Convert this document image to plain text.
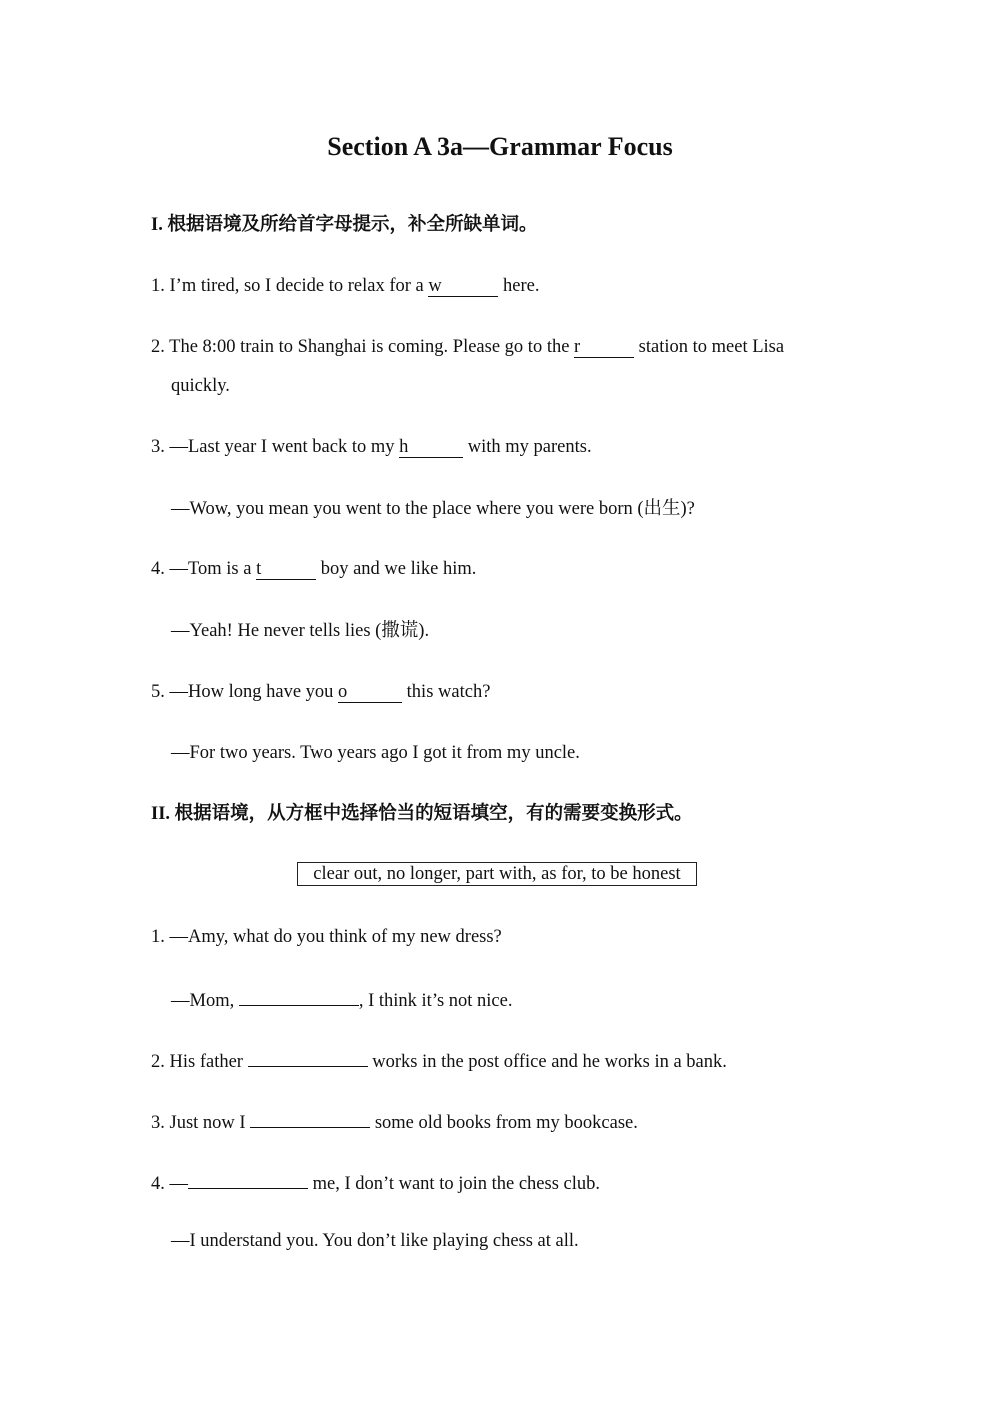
Section A 3a—Grammar Focus
I. 根据语境及所给首字母提示，补全所缺单词。
1. I’m tired, so I decide to relax for a w	here.
2. The 8:00 train to Shanghai is coming. Please go to the r	station to meet Lisa
quickly.
3. —Last year I went back to my h	with my parents.
—Wow, you mean you went to the place where you were born (出生)?
4. —Tom is a t	boy and we like him.
—Yeah! He never tells lies (撒谎).
5. —How long have you o	this watch?
—For two years. Two years ago I got it from my uncle.
II. 根据语境，从方框中选择恰当的短语填空，有的需要变换形式。
clear out, no longer, part with, as for, to be honest
1. —Amy, what do you think of my new dress?
—Mom,	, I think it’s not nice.
2. His father	works in the post office and he works in a bank.
3. Just now I	some old books from my bookcase.
4. —	me, I don’t want to join the chess club.
—I understand you. You don’t like playing chess at all.
